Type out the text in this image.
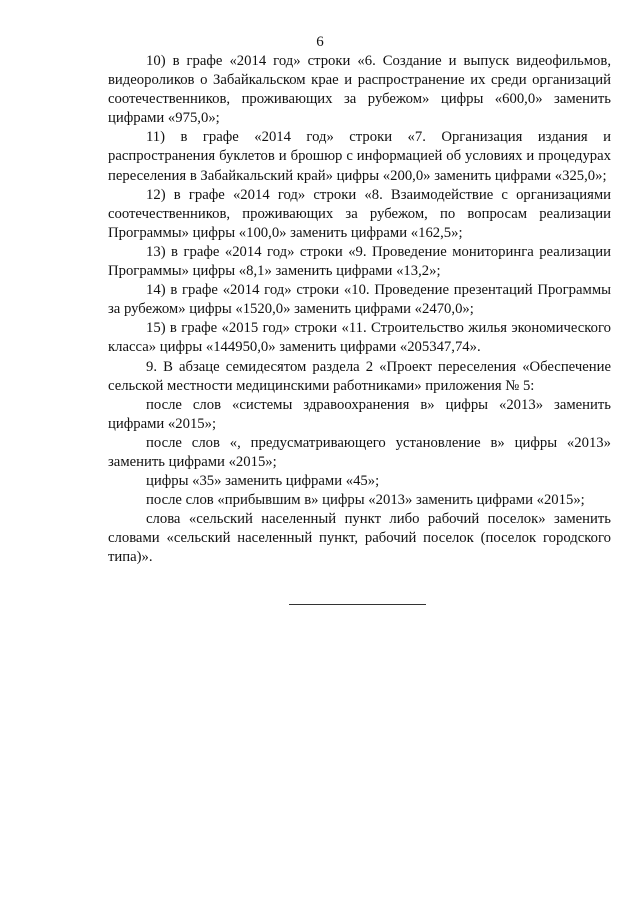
6

10) в графе «2014 год» строки «6. Создание и выпуск видеофильмов, видеороликов о Забайкальском крае и распространение их среди организаций соотечественников, проживающих за рубежом» цифры «600,0» заменить цифрами «975,0»;

11) в графе «2014 год» строки «7. Организация издания и распространения буклетов и брошюр с информацией об условиях и процедурах переселения в Забайкальский край» цифры «200,0» заменить цифрами «325,0»;

12) в графе «2014 год» строки «8. Взаимодействие с организациями соотечественников, проживающих за рубежом, по вопросам реализации Программы» цифры «100,0» заменить цифрами «162,5»;

13) в графе «2014 год» строки «9. Проведение мониторинга реализации Программы» цифры «8,1» заменить цифрами «13,2»;

14) в графе «2014 год» строки «10. Проведение презентаций Программы за рубежом» цифры «1520,0» заменить цифрами «2470,0»;

15) в графе «2015 год» строки «11. Строительство жилья экономического класса» цифры «144950,0» заменить цифрами «205347,74».

9. В абзаце семидесятом раздела 2 «Проект переселения «Обеспечение сельской местности медицинскими работниками» приложения № 5:

после слов «системы здравоохранения в» цифры «2013» заменить цифрами «2015»;

после слов «, предусматривающего установление в» цифры «2013» заменить цифрами «2015»;

цифры «35» заменить цифрами «45»;

после слов «прибывшим в» цифры «2013» заменить цифрами «2015»;

слова «сельский населенный пункт либо рабочий поселок» заменить словами «сельский населенный пункт, рабочий поселок (поселок городского типа)».
